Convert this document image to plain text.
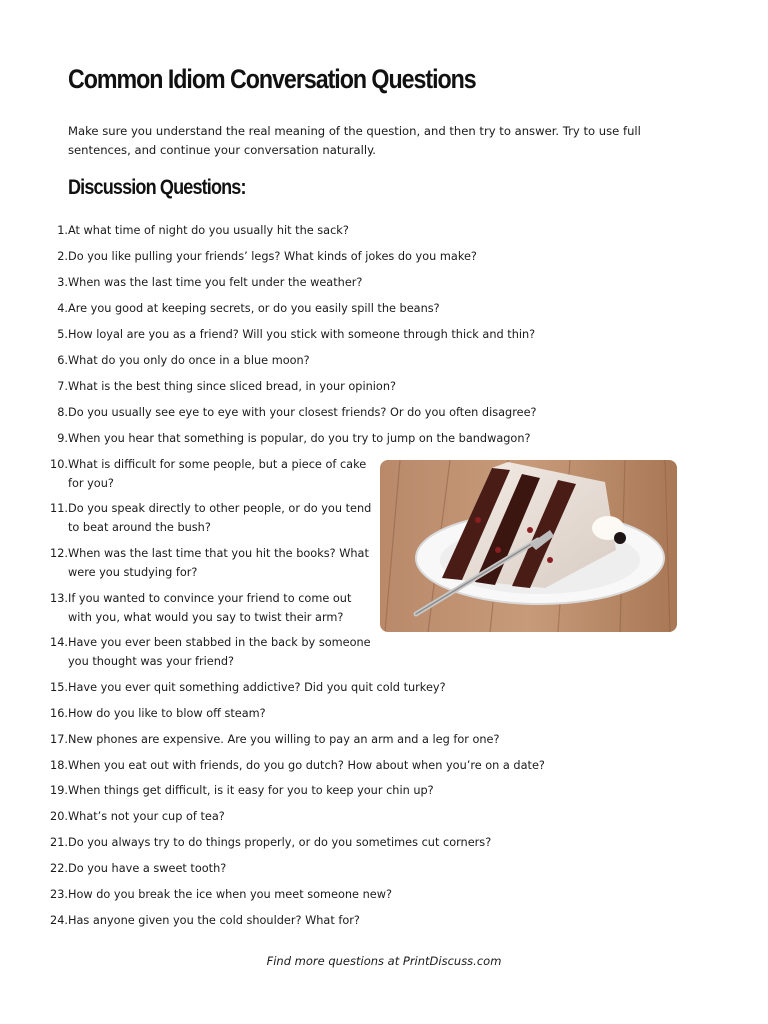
Common Idiom Conversation Questions

Make sure you understand the real meaning of the question, and then try to answer. Try to use full sentences, and continue your conversation naturally.

Discussion Questions:
1. At what time of night do you usually hit the sack?
2. Do you like pulling your friends’ legs? What kinds of jokes do you make?
3. When was the last time you felt under the weather?
4. Are you good at keeping secrets, or do you easily spill the beans?
5. How loyal are you as a friend? Will you stick with someone through thick and thin?
6. What do you only do once in a blue moon?
7. What is the best thing since sliced bread, in your opinion?
8. Do you usually see eye to eye with your closest friends? Or do you often disagree?
9. When you hear that something is popular, do you try to jump on the bandwagon?
10. What is difficult for some people, but a piece of cake for you?
11. Do you speak directly to other people, or do you tend to beat around the bush?
12. When was the last time that you hit the books? What were you studying for?
13. If you wanted to convince your friend to come out with you, what would you say to twist their arm?
14. Have you ever been stabbed in the back by someone you thought was your friend?
15. Have you ever quit something addictive? Did you quit cold turkey?
16. How do you like to blow off steam?
17. New phones are expensive. Are you willing to pay an arm and a leg for one?
18. When you eat out with friends, do you go dutch? How about when you’re on a date?
19. When things get difficult, is it easy for you to keep your chin up?
20. What’s not your cup of tea?
21. Do you always try to do things properly, or do you sometimes cut corners?
22. Do you have a sweet tooth?
23. How do you break the ice when you meet someone new?
24. Has anyone given you the cold shoulder? What for?
Find more questions at PrintDiscuss.com
